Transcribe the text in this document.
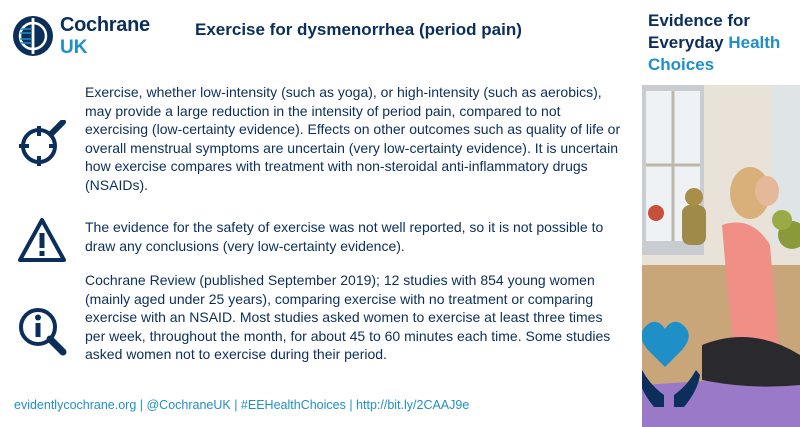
Cochrane
UK
Exercise for dysmenorrhea (period pain)	Evidence for
Everyday Health
Choices
Exercise, whether low-intensity (such as yoga), or high-intensity (such as aerobics), may provide a large reduction in the intensity of period pain, compared to not exercising (low-certainty evidence). Effects on other outcomes such as quality of life or overall menstrual symptoms are uncertain (very low-certainty evidence). It is uncertain how exercise compares with treatment with non-steroidal anti-inflammatory drugs (NSAIDs).
The evidence for the safety of exercise was not well reported, so it is not possible to draw any conclusions (very low-certainty evidence).
Cochrane Review (published September 2019); 12 studies with 854 young women (mainly aged under 25 years), comparing exercise with no treatment or comparing exercise with an NSAID. Most studies asked women to exercise at least three times per week, throughout the month, for about 45 to 60 minutes each time. Some studies asked women not to exercise during their period.
evidentlycochrane.org | @CochraneUK | #EEHealthChoices | http://bit.ly/2CAAJ9e
